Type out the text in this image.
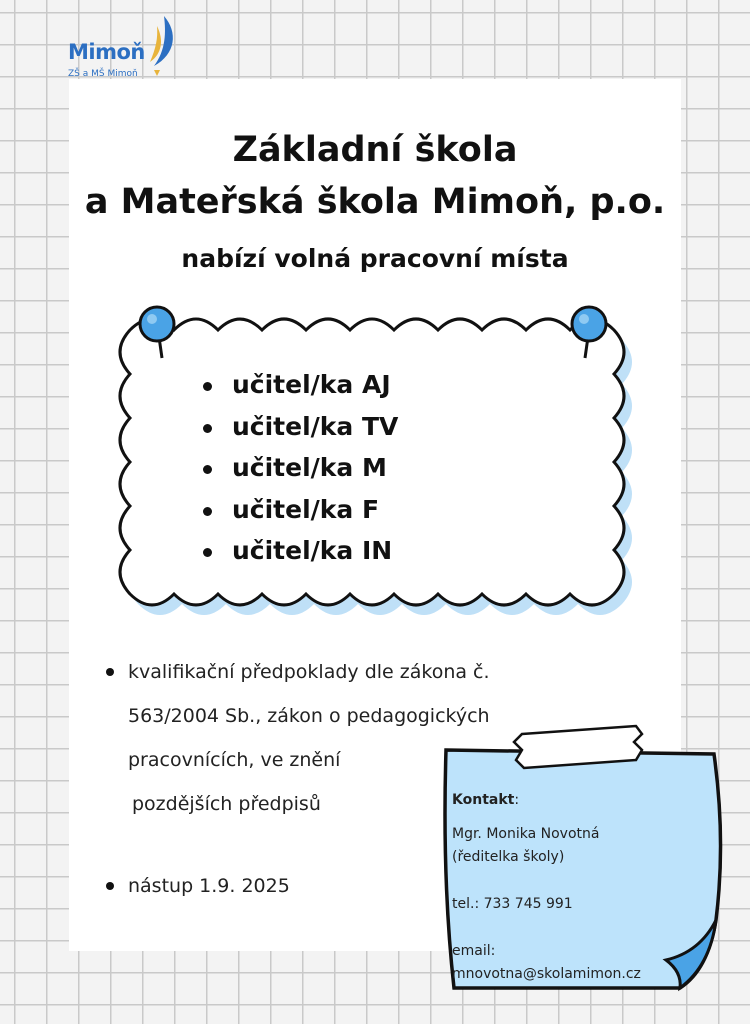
Mimoň
ZŠ a MŠ Mimoň
Základní škola
a Mateřská škola Mimoň, p.o.
nabízí volná pracovní místa
učitel/ka AJ
učitel/ka TV
učitel/ka M
učitel/ka F
učitel/ka IN
kvalifikační předpoklady dle zákona č.
563/2004 Sb., zákon o pedagogických
pracovnících, ve znění
pozdějších předpisů
nástup 1.9. 2025
Kontakt:
Mgr. Monika Novotná
(ředitelka školy)
tel.: 733 745 991
email:
mnovotna@skolamimon.cz
